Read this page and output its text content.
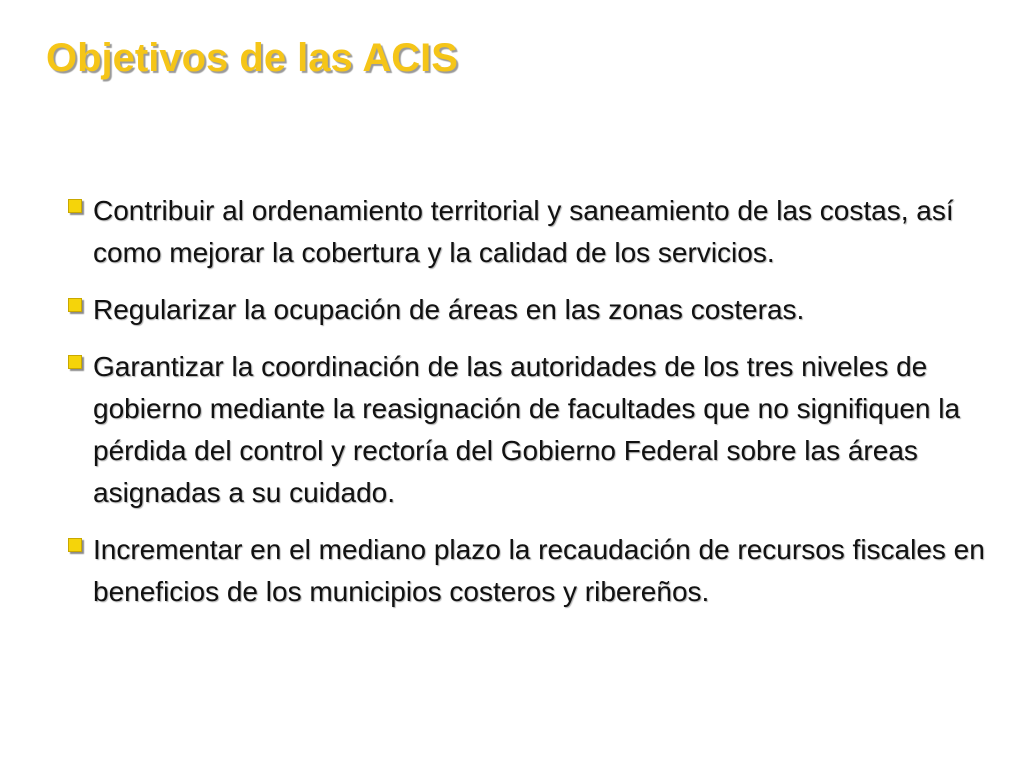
Objetivos de las ACIS
Contribuir al ordenamiento territorial y saneamiento de las costas, así como mejorar la cobertura y la calidad de los servicios.
Regularizar la ocupación de áreas en las zonas costeras.
Garantizar la coordinación de las autoridades de los tres niveles de gobierno mediante la reasignación de facultades que no signifiquen la pérdida del control y rectoría del Gobierno Federal sobre las áreas asignadas a su cuidado.
Incrementar en el mediano plazo la recaudación de recursos fiscales en beneficios de los municipios costeros y ribereños.
